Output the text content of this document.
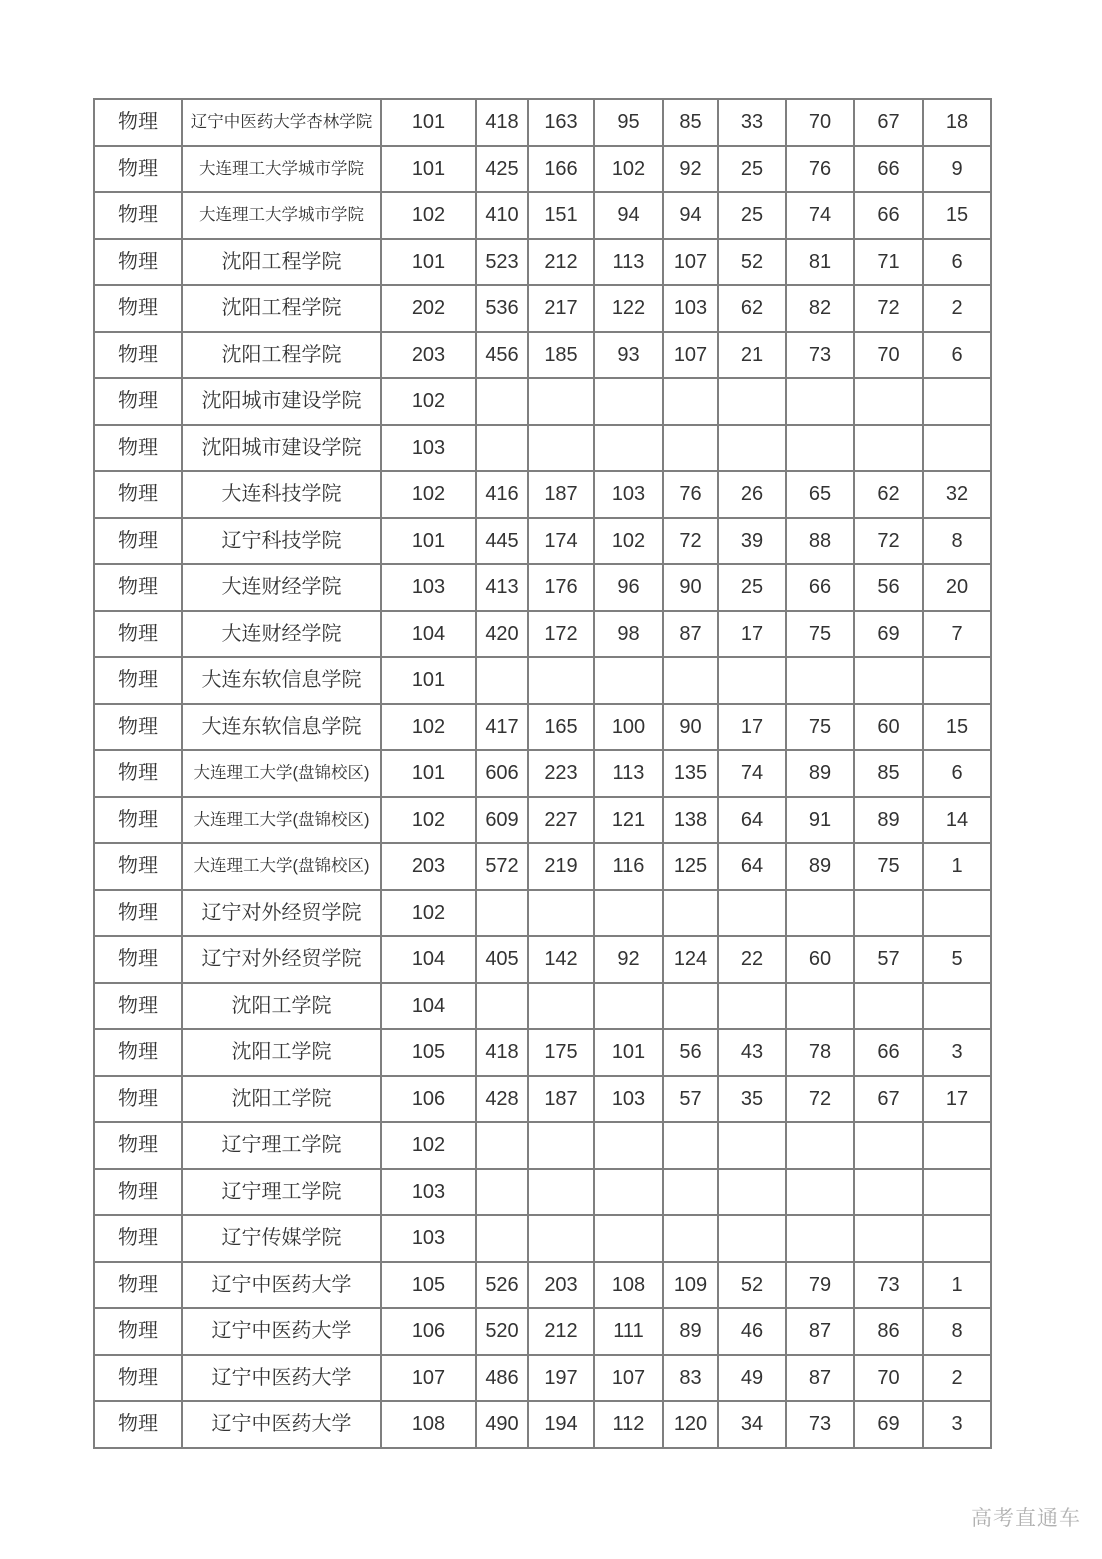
物理	辽宁中医药大学杏林学院	101	418	163	95	85	33	70	67	18
物理	大连理工大学城市学院	101	425	166	102	92	25	76	66	9
物理	大连理工大学城市学院	102	410	151	94	94	25	74	66	15
物理	沈阳工程学院	101	523	212	113	107	52	81	71	6
物理	沈阳工程学院	202	536	217	122	103	62	82	72	2
物理	沈阳工程学院	203	456	185	93	107	21	73	70	6
物理	沈阳城市建设学院	102								
物理	沈阳城市建设学院	103								
物理	大连科技学院	102	416	187	103	76	26	65	62	32
物理	辽宁科技学院	101	445	174	102	72	39	88	72	8
物理	大连财经学院	103	413	176	96	90	25	66	56	20
物理	大连财经学院	104	420	172	98	87	17	75	69	7
物理	大连东软信息学院	101								
物理	大连东软信息学院	102	417	165	100	90	17	75	60	15
物理	大连理工大学(盘锦校区)	101	606	223	113	135	74	89	85	6
物理	大连理工大学(盘锦校区)	102	609	227	121	138	64	91	89	14
物理	大连理工大学(盘锦校区)	203	572	219	116	125	64	89	75	1
物理	辽宁对外经贸学院	102								
物理	辽宁对外经贸学院	104	405	142	92	124	22	60	57	5
物理	沈阳工学院	104								
物理	沈阳工学院	105	418	175	101	56	43	78	66	3
物理	沈阳工学院	106	428	187	103	57	35	72	67	17
物理	辽宁理工学院	102								
物理	辽宁理工学院	103								
物理	辽宁传媒学院	103								
物理	辽宁中医药大学	105	526	203	108	109	52	79	73	1
物理	辽宁中医药大学	106	520	212	111	89	46	87	86	8
物理	辽宁中医药大学	107	486	197	107	83	49	87	70	2
物理	辽宁中医药大学	108	490	194	112	120	34	73	69	3
高考直通车
